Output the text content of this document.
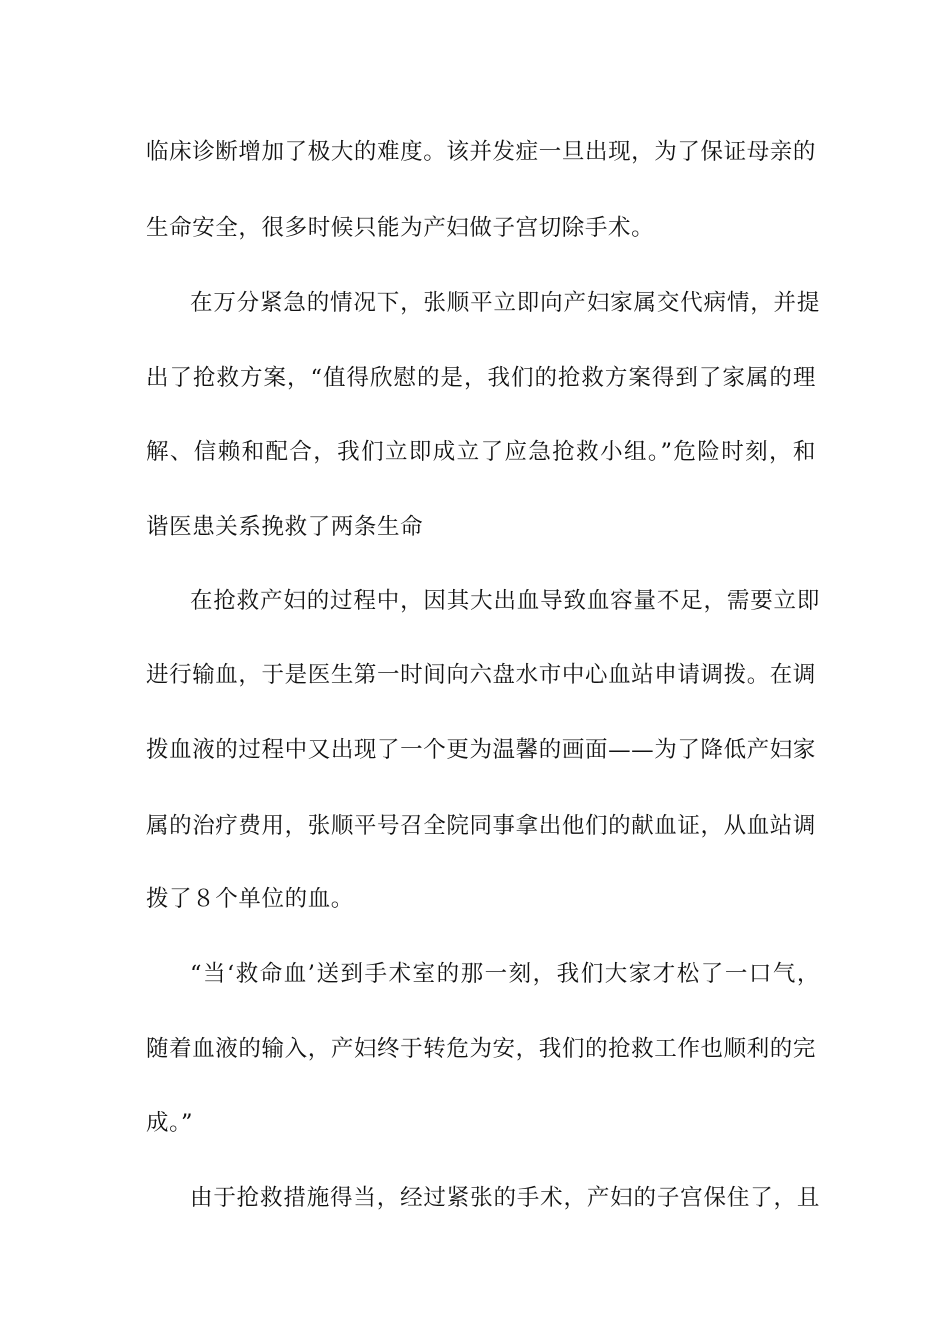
临床诊断增加了极大的难度。该并发症一旦出现，为了保证母亲的
生命安全，很多时候只能为产妇做子宫切除手术。
在万分紧急的情况下，张顺平立即向产妇家属交代病情，并提
出了抢救方案，“值得欣慰的是，我们的抢救方案得到了家属的理
解、信赖和配合，我们立即成立了应急抢救小组。”危险时刻，和
谐医患关系挽救了两条生命
在抢救产妇的过程中，因其大出血导致血容量不足，需要立即
进行输血，于是医生第一时间向六盘水市中心血站申请调拨。在调
拨血液的过程中又出现了一个更为温馨的画面——为了降低产妇家
属的治疗费用，张顺平号召全院同事拿出他们的献血证，从血站调
拨了８个单位的血。
“当‘救命血’送到手术室的那一刻，我们大家才松了一口气，
随着血液的输入，产妇终于转危为安，我们的抢救工作也顺利的完
成。”
由于抢救措施得当，经过紧张的手术，产妇的子宫保住了，且
